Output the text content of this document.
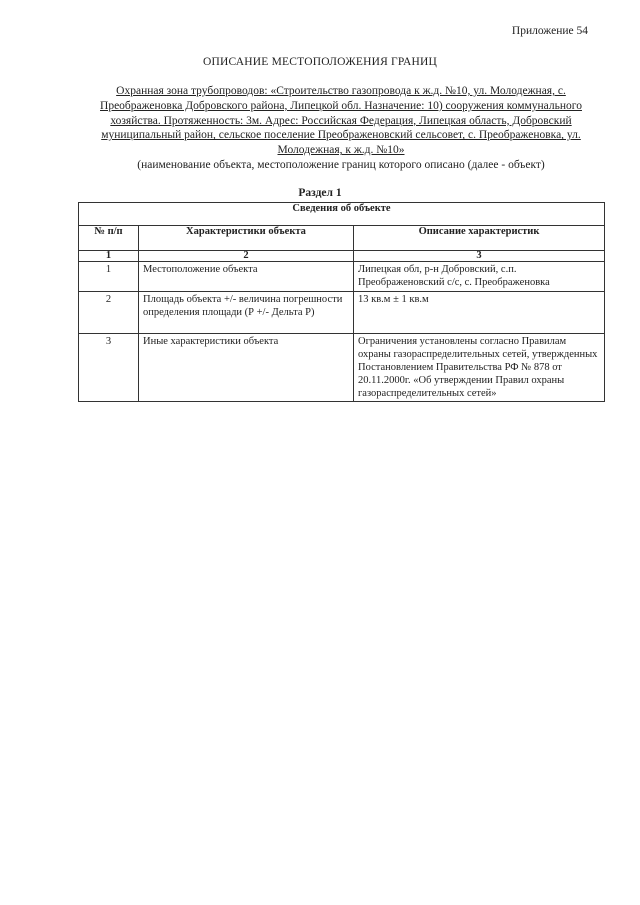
Приложение 54
ОПИСАНИЕ МЕСТОПОЛОЖЕНИЯ ГРАНИЦ
Охранная зона трубопроводов: «Строительство газопровода к ж.д. №10, ул. Молодежная, с. Преображеновка Добровского района, Липецкой обл. Назначение: 10) сооружения коммунального хозяйства. Протяженность: 3м. Адрес: Российская Федерация, Липецкая область, Добровский муниципальный район, сельское поселение Преображеновский сельсовет, с. Преображеновка, ул. Молодежная, к ж.д. №10»
(наименование объекта, местоположение границ которого описано (далее - объект)
Раздел 1
Сведения об объекте		
№ п/п	Характеристики объекта	Описание характеристик
1	2	3
1	Местоположение объекта	Липецкая обл, р-н Добровский, с.п. Преображеновский с/с, с. Преображеновка
2	Площадь объекта +/- величина погрешности определения площади (Р +/- Дельта Р)	13 кв.м ± 1 кв.м
3	Иные характеристики объекта	Ограничения установлены согласно Правилам охраны газораспределительных сетей, утвержденных Постановлением Правительства РФ № 878 от 20.11.2000г. «Об утверждении Правил охраны газораспределительных сетей»
